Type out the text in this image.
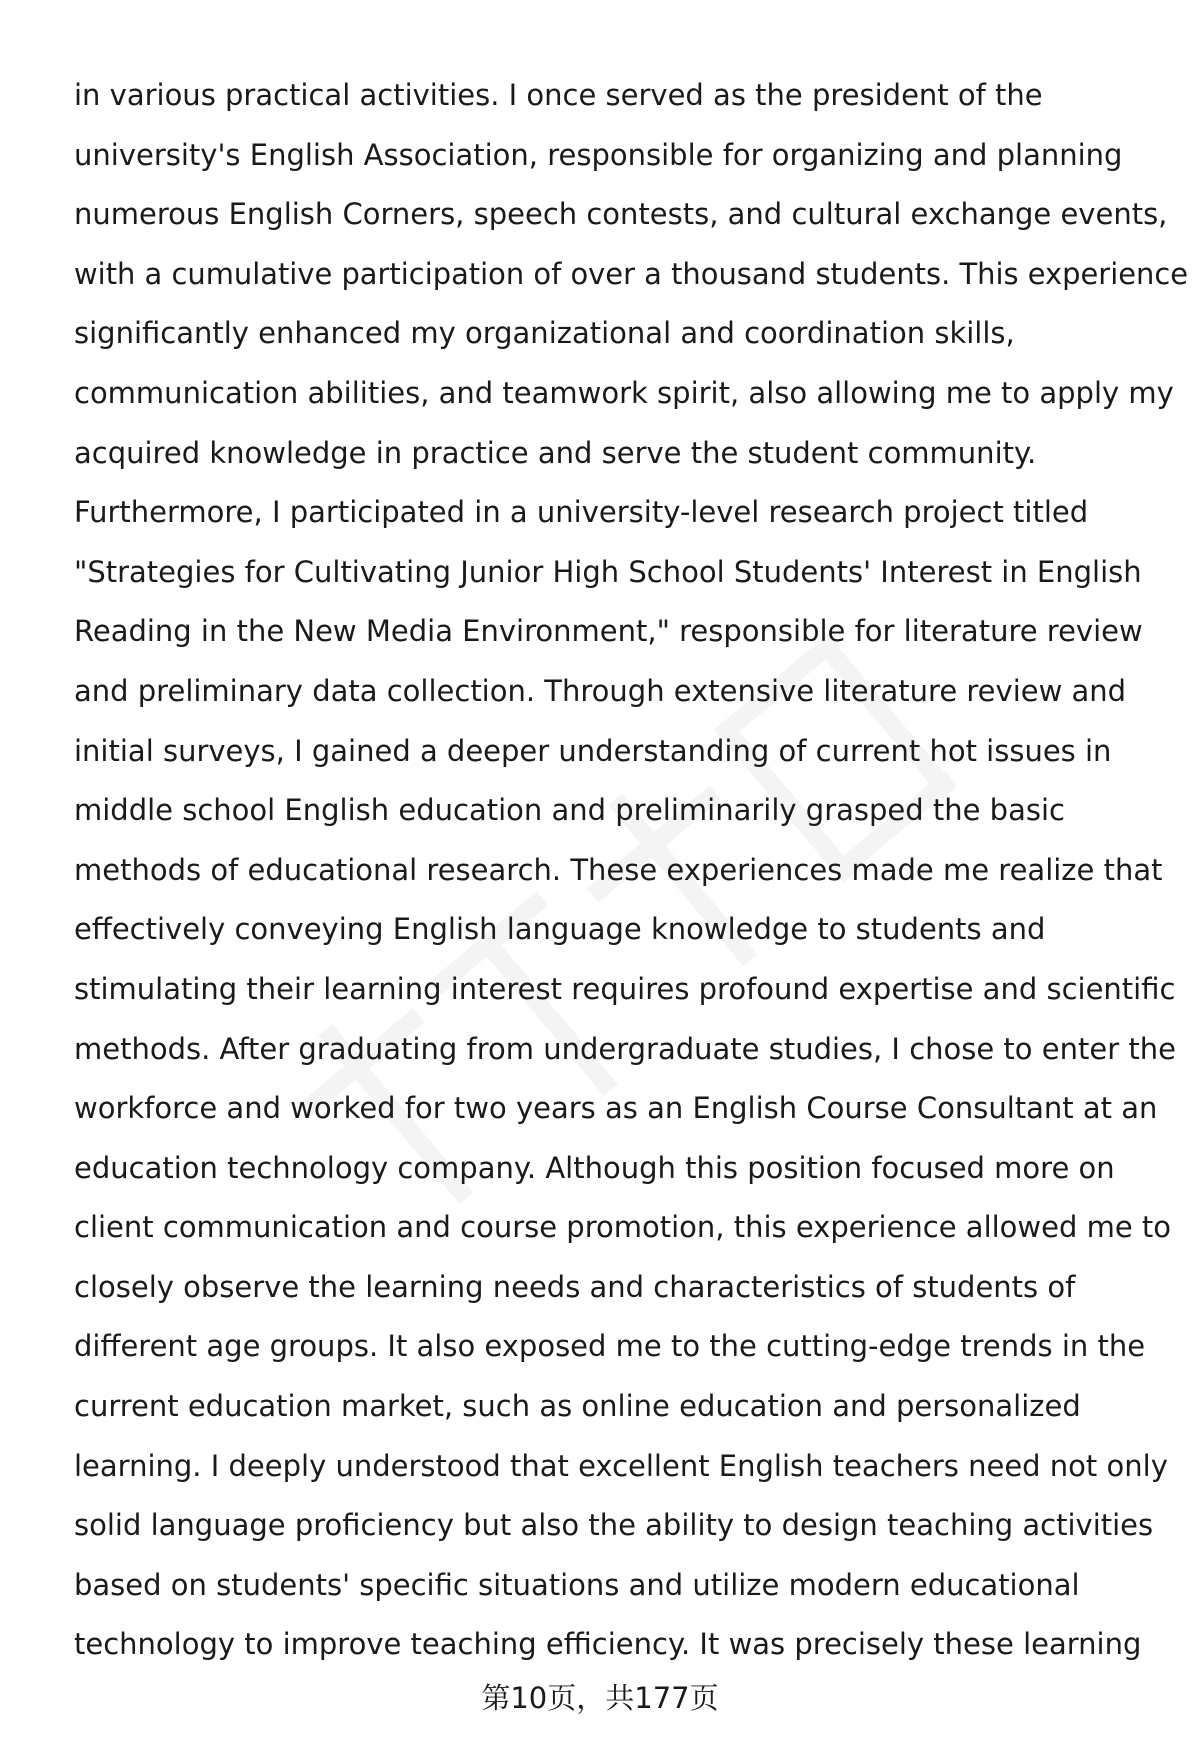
in various practical activities. I once served as the president of the
university's English Association, responsible for organizing and planning
numerous English Corners, speech contests, and cultural exchange events,
with a cumulative participation of over a thousand students. This experience
significantly enhanced my organizational and coordination skills,
communication abilities, and teamwork spirit, also allowing me to apply my
acquired knowledge in practice and serve the student community.
Furthermore, I participated in a university-level research project titled
"Strategies for Cultivating Junior High School Students' Interest in English
Reading in the New Media Environment," responsible for literature review
and preliminary data collection. Through extensive literature review and
initial surveys, I gained a deeper understanding of current hot issues in
middle school English education and preliminarily grasped the basic
methods of educational research. These experiences made me realize that
effectively conveying English language knowledge to students and
stimulating their learning interest requires profound expertise and scientific
methods. After graduating from undergraduate studies, I chose to enter the
workforce and worked for two years as an English Course Consultant at an
education technology company. Although this position focused more on
client communication and course promotion, this experience allowed me to
closely observe the learning needs and characteristics of students of
different age groups. It also exposed me to the cutting-edge trends in the
current education market, such as online education and personalized
learning. I deeply understood that excellent English teachers need not only
solid language proficiency but also the ability to design teaching activities
based on students' specific situations and utilize modern educational
technology to improve teaching efficiency. It was precisely these learning
第10页，共177页
